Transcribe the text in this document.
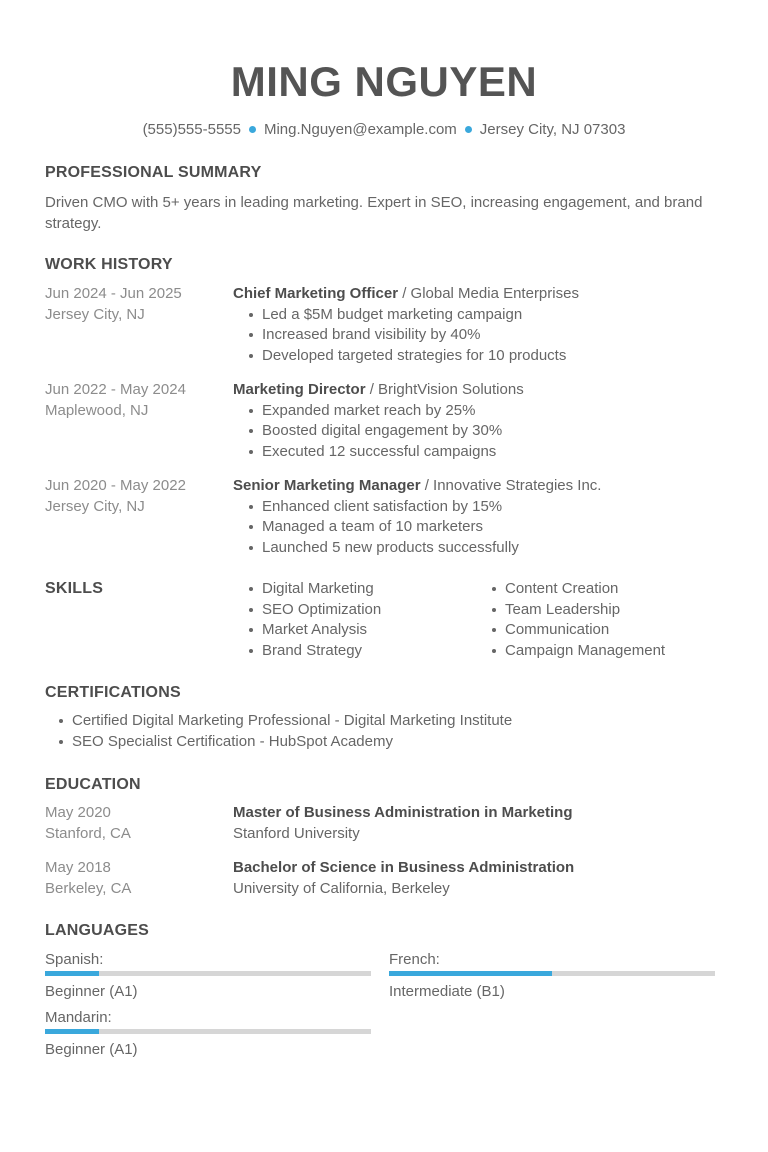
MING NGUYEN
(555)555-5555 Ming.Nguyen@example.com Jersey City, NJ 07303
PROFESSIONAL SUMMARY
Driven CMO with 5+ years in leading marketing. Expert in SEO, increasing engagement, and brand strategy.
WORK HISTORY
Jun 2024 - Jun 2025
Jersey City, NJ
Chief Marketing Officer / Global Media Enterprises
Led a $5M budget marketing campaign
Increased brand visibility by 40%
Developed targeted strategies for 10 products
Jun 2022 - May 2024
Maplewood, NJ
Marketing Director / BrightVision Solutions
Expanded market reach by 25%
Boosted digital engagement by 30%
Executed 12 successful campaigns
Jun 2020 - May 2022
Jersey City, NJ
Senior Marketing Manager / Innovative Strategies Inc.
Enhanced client satisfaction by 15%
Managed a team of 10 marketers
Launched 5 new products successfully
SKILLS	Digital Marketing
SEO Optimization
Market Analysis
Brand Strategy
Content Creation
Team Leadership
Communication
Campaign Management
CERTIFICATIONS
Certified Digital Marketing Professional - Digital Marketing Institute
SEO Specialist Certification - HubSpot Academy
EDUCATION
May 2020
Stanford, CA
Master of Business Administration in Marketing
Stanford University
May 2018
Berkeley, CA
Bachelor of Science in Business Administration
University of California, Berkeley
LANGUAGES
Spanish:
Beginner (A1)
French:
Intermediate (B1)
Mandarin:
Beginner (A1)
